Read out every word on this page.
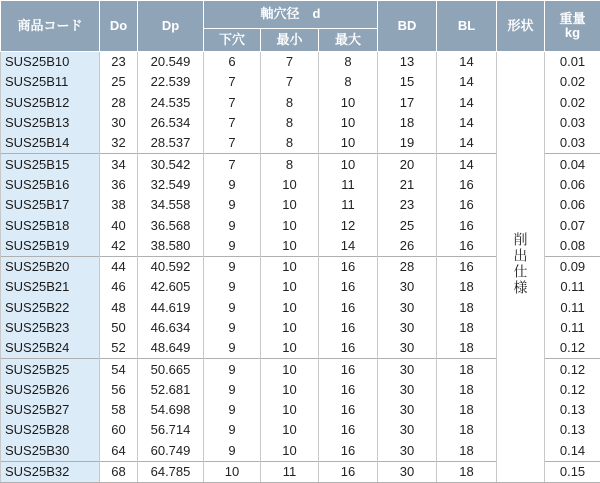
商品コード	Do	Dp	軸穴径　d			BD	BL	形状	重量
kg
			下穴	最小	最大				
SUS25B10	23	20.549	6	7	8	13	14	削出仕様	0.01
SUS25B11	25	22.539	7	7	8	15	14		0.02
SUS25B12	28	24.535	7	8	10	17	14		0.02
SUS25B13	30	26.534	7	8	10	18	14		0.03
SUS25B14	32	28.537	7	8	10	19	14		0.03
SUS25B15	34	30.542	7	8	10	20	14		0.04
SUS25B16	36	32.549	9	10	11	21	16		0.06
SUS25B17	38	34.558	9	10	11	23	16		0.06
SUS25B18	40	36.568	9	10	12	25	16		0.07
SUS25B19	42	38.580	9	10	14	26	16		0.08
SUS25B20	44	40.592	9	10	16	28	16		0.09
SUS25B21	46	42.605	9	10	16	30	18		0.11
SUS25B22	48	44.619	9	10	16	30	18		0.11
SUS25B23	50	46.634	9	10	16	30	18		0.11
SUS25B24	52	48.649	9	10	16	30	18		0.12
SUS25B25	54	50.665	9	10	16	30	18		0.12
SUS25B26	56	52.681	9	10	16	30	18		0.12
SUS25B27	58	54.698	9	10	16	30	18		0.13
SUS25B28	60	56.714	9	10	16	30	18		0.13
SUS25B30	64	60.749	9	10	16	30	18		0.14
SUS25B32	68	64.785	10	11	16	30	18		0.15
